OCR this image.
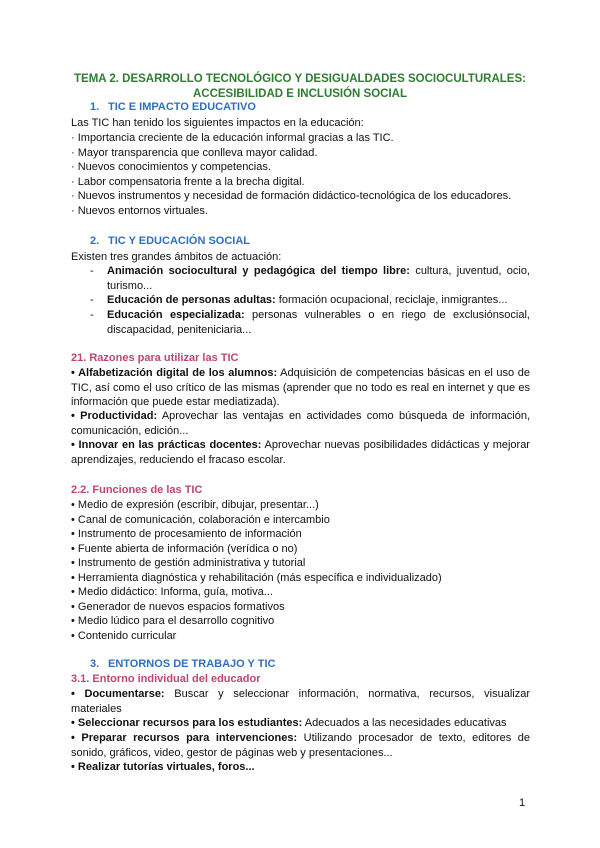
TEMA 2. DESARROLLO TECNOLÓGICO Y DESIGUALDADES SOCIOCULTURALES:
ACCESIBILIDAD E INCLUSIÓN SOCIAL
1. TIC E IMPACTO EDUCATIVO
Las TIC han tenido los siguientes impactos en la educación:
· Importancia creciente de la educación informal gracias a las TIC.
· Mayor transparencia que conlleva mayor calidad.
· Nuevos conocimientos y competencias.
· Labor compensatoria frente a la brecha digital.
· Nuevos instrumentos y necesidad de formación didáctico-tecnológica de los educadores.
· Nuevos entornos virtuales.
2. TIC Y EDUCACIÓN SOCIAL
Existen tres grandes ámbitos de actuación:
- Animación sociocultural y pedagógica del tiempo libre: cultura, juventud, ocio, turismo...
- Educación de personas adultas: formación ocupacional, reciclaje, inmigrantes...
- Educación especializada: personas vulnerables o en riego de exclusiónsocial, discapacidad, peniteniciaria...
21. Razones para utilizar las TIC
• Alfabetización digital de los alumnos: Adquisición de competencias básicas en el uso de TIC, así como el uso crítico de las mismas (aprender que no todo es real en internet y que es información que puede estar mediatizada).
• Productividad: Aprovechar las ventajas en actividades como búsqueda de información, comunicación, edición...
• Innovar en las prácticas docentes: Aprovechar nuevas posibilidades didácticas y mejorar aprendizajes, reduciendo el fracaso escolar.
2.2. Funciones de las TIC
• Medio de expresión (escribir, dibujar, presentar...)
• Canal de comunicación, colaboración e intercambio
• Instrumento de procesamiento de información
• Fuente abierta de información (verídica o no)
• Instrumento de gestión administrativa y tutorial
• Herramienta diagnóstica y rehabilitación (más específica e individualizado)
• Medio didáctico: Informa, guía, motiva...
• Generador de nuevos espacios formativos
• Medio lúdico para el desarrollo cognitivo
• Contenido curricular
3. ENTORNOS DE TRABAJO Y TIC
3.1. Entorno individual del educador
• Documentarse: Buscar y seleccionar información, normativa, recursos, visualizar materiales
• Seleccionar recursos para los estudiantes: Adecuados a las necesidades educativas
• Preparar recursos para intervenciones: Utilizando procesador de texto, editores de sonido, gráficos, video, gestor de páginas web y presentaciones...
• Realizar tutorías virtuales, foros...
1
